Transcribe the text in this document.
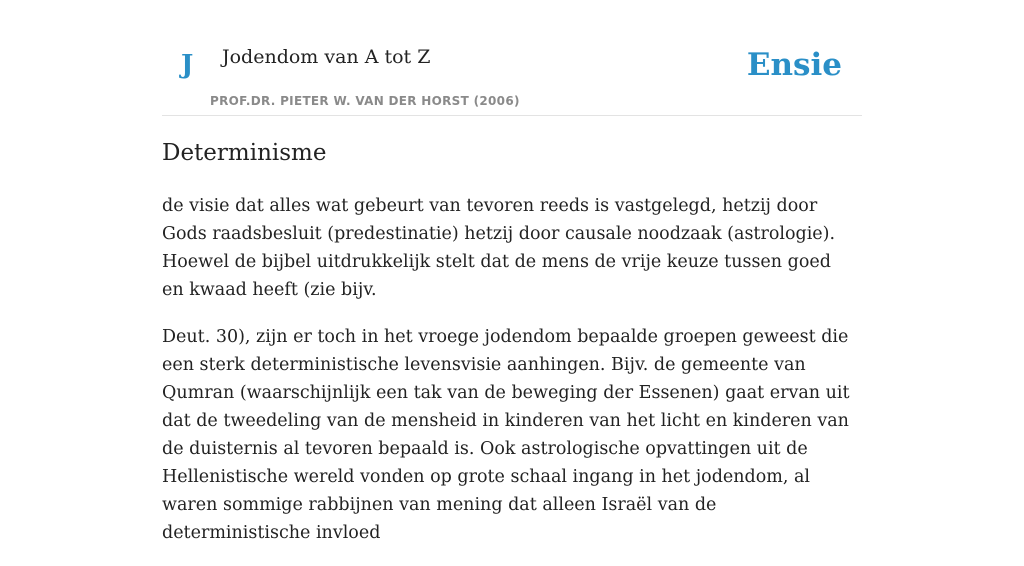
J Jodendom van A tot Z
PROF.DR. PIETER W. VAN DER HORST (2006)
Ensie
Determinisme

de visie dat alles wat gebeurt van tevoren reeds is vastgelegd, hetzij door Gods raadsbesluit (predestinatie) hetzij door causale noodzaak (astrologie). Hoewel de bijbel uitdrukkelijk stelt dat de mens de vrije keuze tussen goed en kwaad heeft (zie bijv.

Deut. 30), zijn er toch in het vroege jodendom bepaalde groepen geweest die een sterk deterministische levensvisie aanhingen. Bijv. de gemeente van Qumran (waarschijnlijk een tak van de beweging der Essenen) gaat ervan uit dat de tweedeling van de mensheid in kinderen van het licht en kinderen van de duisternis al tevoren bepaald is. Ook astrologische opvattingen uit de Hellenistische wereld vonden op grote schaal ingang in het jodendom, al waren sommige rabbijnen van mening dat alleen Israël van de deterministische invloed
